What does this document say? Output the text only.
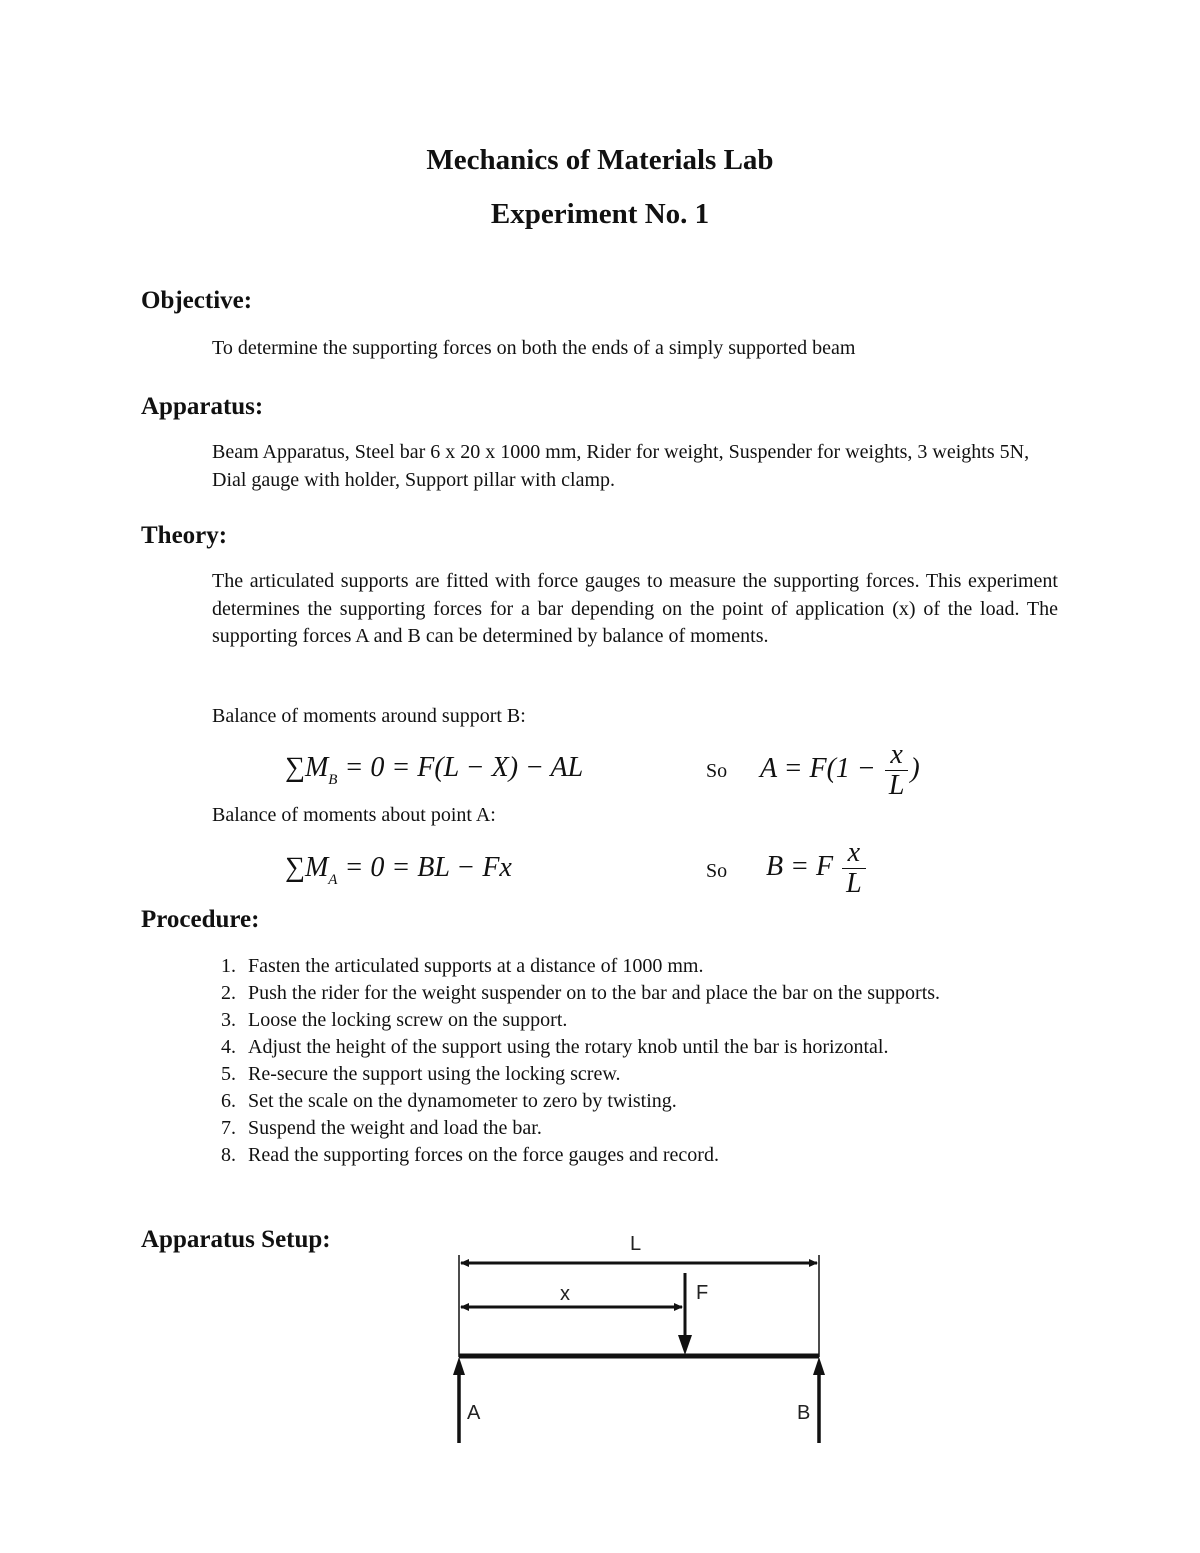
Mechanics of Materials Lab
Experiment No. 1
Objective:
To determine the supporting forces on both the ends of a simply supported beam
Apparatus:
Beam Apparatus, Steel bar 6 x 20 x 1000 mm, Rider for weight, Suspender for weights, 3 weights 5N, Dial gauge with holder, Support pillar with clamp.
Theory:
The articulated supports are fitted with force gauges to measure the supporting forces. This experiment determines the supporting forces for a bar depending on the point of application (x) of the load. The supporting forces A and B can be determined by balance of moments.
Balance of moments around support B:
$\sum M_B = 0 = F(L - X)$ − AL	So $A = F(1 - \frac{x}{L}$ )
Balance of moments about point A:
$\sum M_A = 0$ = BL − Fx	So B = F $\frac{x}{L}$
Procedure:
1. Fasten the articulated supports at a distance of 1000 mm.
2. Push the rider for the weight suspender on to the bar and place the bar on the supports.
3. Loose the locking screw on the support.
4. Adjust the height of the support using the rotary knob until the bar is horizontal.
5. Re-secure the support using the locking screw.
6. Set the scale on the dynamometer to zero by twisting.
7. Suspend the weight and load the bar.
8. Read the supporting forces on the force gauges and record.
Apparatus Setup:	L
x	F
A	B
